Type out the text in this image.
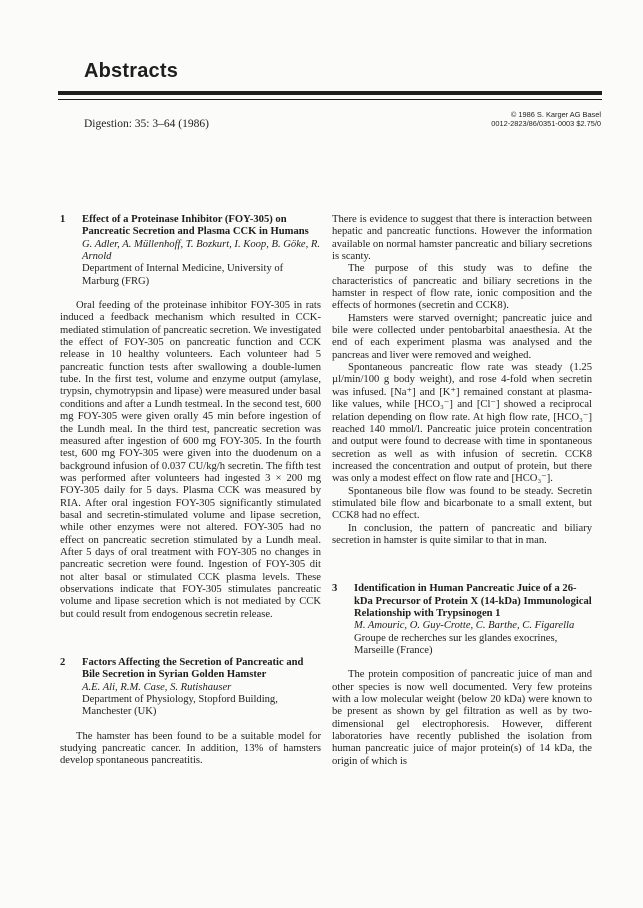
Abstracts
Digestion: 35: 3–64 (1986)
© 1986 S. Karger AG Basel
0012-2823/86/0351-0003 $2.75/0
1 Effect of a Proteinase Inhibitor (FOY-305) on Pancreatic Secretion and Plasma CCK in Humans
G. Adler, A. Müllenhoff, T. Bozkurt, I. Koop, B. Göke, R. Arnold
Department of Internal Medicine, University of Marburg (FRG)

Oral feeding of the proteinase inhibitor FOY-305 in rats induced a feedback mechanism which resulted in CCK-mediated stimulation of pancreatic secretion. We investigated the effect of FOY-305 on pancreatic function and CCK release in 10 healthy volunteers. Each volunteer had 5 pancreatic function tests after swallowing a double-lumen tube. In the first test, volume and enzyme output (amylase, trypsin, chymotrypsin and lipase) were measured under basal conditions and after a Lundh testmeal. In the second test, 600 mg FOY-305 were given orally 45 min before ingestion of the Lundh meal. In the third test, pancreatic secretion was measured after ingestion of 600 mg FOY-305. In the fourth test, 600 mg FOY-305 were given into the duodenum on a background infusion of 0.037 CU/kg/h secretin. The fifth test was performed after volunteers had ingested 3 × 200 mg FOY-305 daily for 5 days. Plasma CCK was measured by RIA. After oral ingestion FOY-305 significantly stimulated basal and secretin-stimulated volume and lipase secretion, while other enzymes were not altered. FOY-305 had no effect on pancreatic secretion stimulated by a Lundh meal. After 5 days of oral treatment with FOY-305 no changes in pancreatic secretion were found. Ingestion of FOY-305 dit not alter basal or stimulated CCK plasma levels. These observations indicate that FOY-305 stimulates pancreatic volume and lipase secretion which is not mediated by CCK but could result from endogenous secretin release.

2 Factors Affecting the Secretion of Pancreatic and Bile Secretion in Syrian Golden Hamster
A.E. Ali, R.M. Case, S. Rutishauser
Department of Physiology, Stopford Building, Manchester (UK)

The hamster has been found to be a suitable model for studying pancreatic cancer. In addition, 13% of hamsters develop spontaneous pancreatitis.

There is evidence to suggest that there is interaction between hepatic and pancreatic functions. However the information available on normal hamster pancreatic and biliary secretions is scanty.

The purpose of this study was to define the characteristics of pancreatic and biliary secretions in the hamster in respect of flow rate, ionic composition and the effects of hormones (secretin and CCK8).

Hamsters were starved overnight; pancreatic juice and bile were collected under pentobarbital anaesthesia. At the end of each experiment plasma was analysed and the pancreas and liver were removed and weighed.

Spontaneous pancreatic flow rate was steady (1.25 µl/min/100 g body weight), and rose 4-fold when secretin was infused. [Na⁺] and [K⁺] remained constant at plasma-like values, while [HCO₃⁻] and [Cl⁻] showed a reciprocal relation depending on flow rate. At high flow rate, [HCO₃⁻] reached 140 mmol/l. Pancreatic juice protein concentration and output were found to decrease with time in spontaneous secretion as well as with infusion of secretin. CCK8 increased the concentration and output of protein, but there was only a modest effect on flow rate and [HCO₃⁻].

Spontaneous bile flow was found to be steady. Secretin stimulated bile flow and bicarbonate to a small extent, but CCK8 had no effect.

In conclusion, the pattern of pancreatic and biliary secretion in hamster is quite similar to that in man.

3 Identification in Human Pancreatic Juice of a 26-kDa Precursor of Protein X (14-kDa) Immunological Relationship with Trypsinogen 1
M. Amouric, O. Guy-Crotte, C. Barthe, C. Figarella
Groupe de recherches sur les glandes exocrines, Marseille (France)

The protein composition of pancreatic juice of man and other species is now well documented. Very few proteins with a low molecular weight (below 20 kDa) were known to be present as shown by gel filtration as well as by two-dimensional gel electrophoresis. However, different laboratories have recently published the isolation from human pancreatic juice of major protein(s) of 14 kDa, the origin of which is
